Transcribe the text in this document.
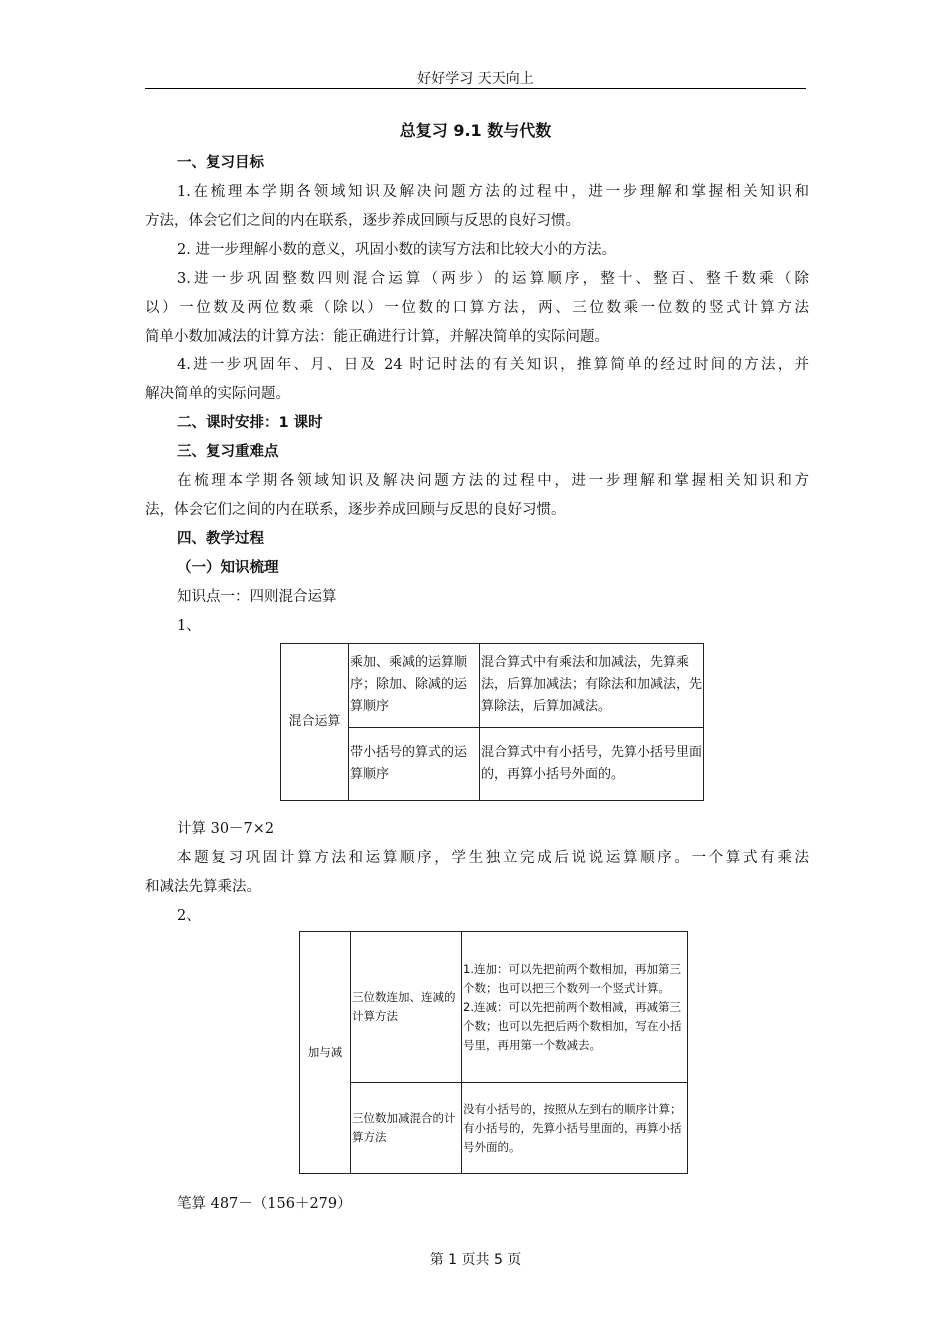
好好学习 天天向上
总复习 9.1 数与代数
一、复习目标
1.在梳理本学期各领域知识及解决问题方法的过程中，进一步理解和掌握相关知识和
方法，体会它们之间的内在联系，逐步养成回顾与反思的良好习惯。
2. 进一步理解小数的意义，巩固小数的读写方法和比较大小的方法。
3.进一步巩固整数四则混合运算（两步）的运算顺序，整十、整百、整千数乘（除
以）一位数及两位数乘（除以）一位数的口算方法，两、三位数乘一位数的竖式计算方法
简单小数加减法的计算方法：能正确进行计算，并解决简单的实际问题。
4.进一步巩固年、月、日及 24 时记时法的有关知识，推算简单的经过时间的方法，并
解决简单的实际问题。
二、课时安排：1 课时
三、复习重难点
在梳理本学期各领域知识及解决问题方法的过程中，进一步理解和掌握相关知识和方
法，体会它们之间的内在联系，逐步养成回顾与反思的良好习惯。
四、教学过程
（一）知识梳理
知识点一：四则混合运算
1、
混合运算	乘加、乘减的运算顺序；除加、除减的运算顺序	混合算式中有乘法和加减法，先算乘法，后算加减法；有除法和加减法，先算除法，后算加减法。
	带小括号的算式的运算顺序	混合算式中有小括号，先算小括号里面的，再算小括号外面的。
计算 30－7×2
本题复习巩固计算方法和运算顺序，学生独立完成后说说运算顺序。一个算式有乘法
和减法先算乘法。
2、
加与减	三位数连加、连减的计算方法	1.连加：可以先把前两个数相加，再加第三个数；也可以把三个数列一个竖式计算。
2.连减：可以先把前两个数相减，再减第三个数；也可以先把后两个数相加，写在小括号里，再用第一个数减去。

	三位数加减混合的计算方法	没有小括号的，按照从左到右的顺序计算；有小括号的，先算小括号里面的，再算小括号外面的。
笔算 487－（156＋279）
第 1 页共 5 页
